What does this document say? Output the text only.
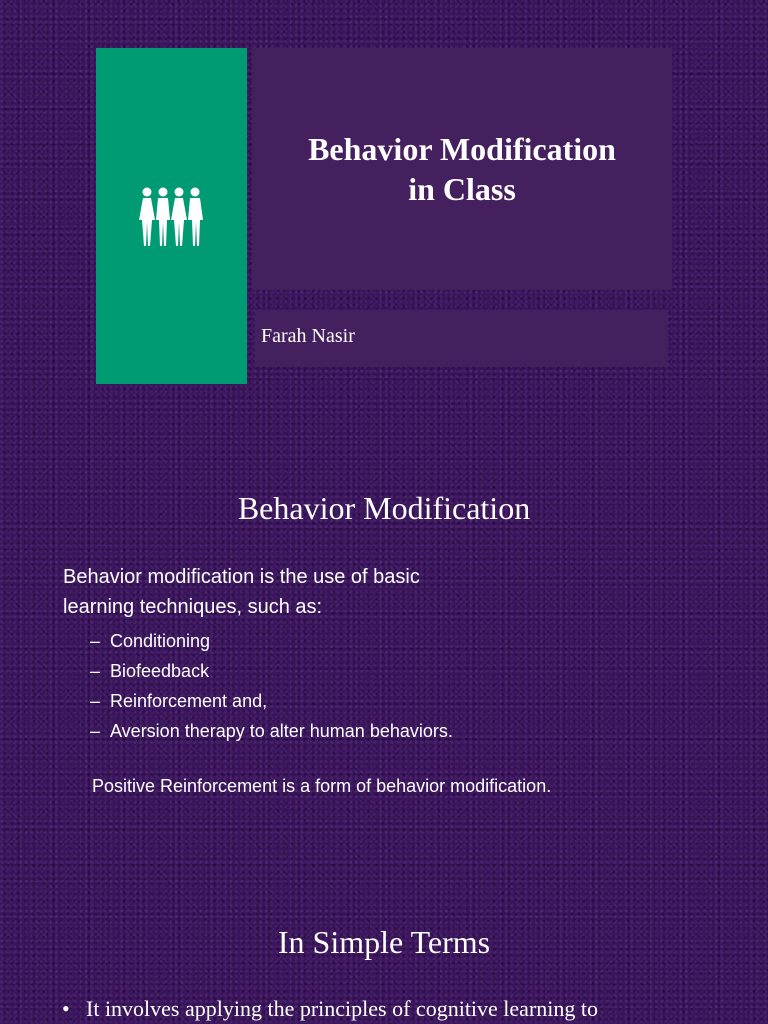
Behavior Modification
in Class
Farah Nasir
Behavior Modification
Behavior modification is the use of basic
learning techniques, such as:
– Conditioning
– Biofeedback
– Reinforcement and,
– Aversion therapy to alter human behaviors.
Positive Reinforcement is a form of behavior modification.
In Simple Terms
• It involves applying the principles of cognitive learning to
